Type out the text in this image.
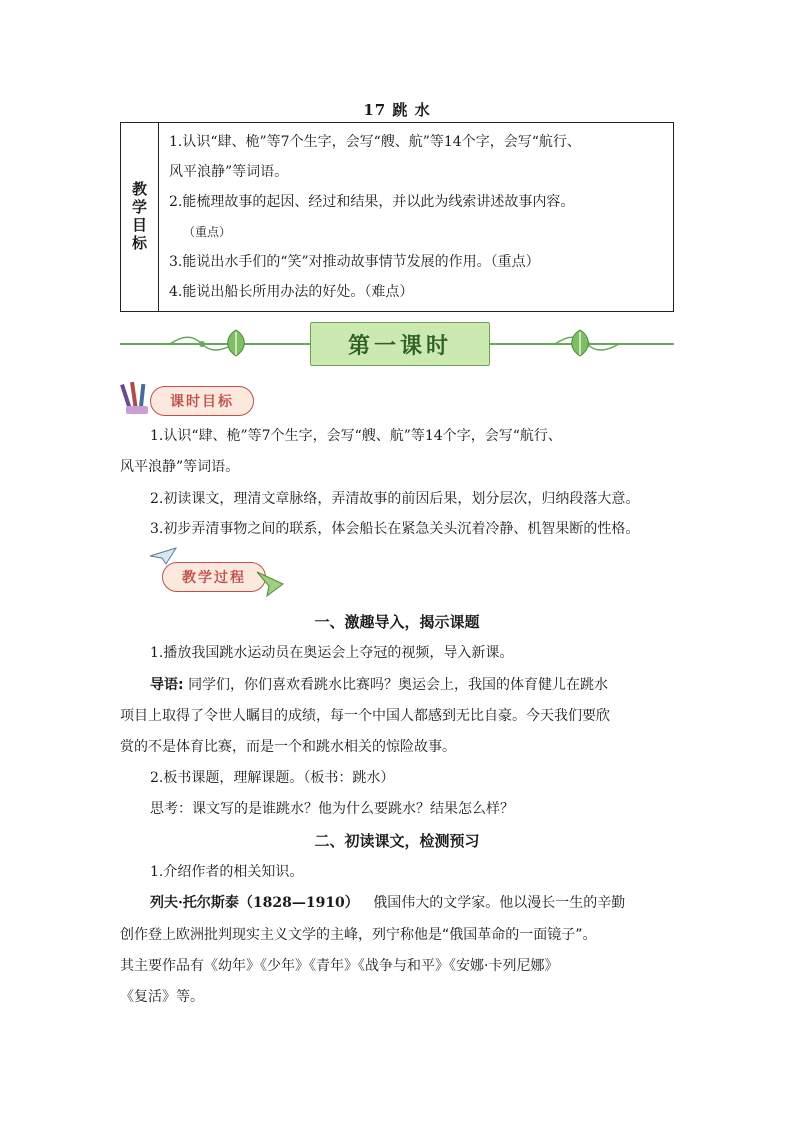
17 跳 水
教学目标
1.认识“肆、桅”等7个生字，会写“艘、航”等14个字，会写“航行、
风平浪静”等词语。
2.能梳理故事的起因、经过和结果，并以此为线索讲述故事内容。
（重点）
3.能说出水手们的“笑”对推动故事情节发展的作用。（重点）
4.能说出船长所用办法的好处。（难点）
第一课时
课时目标
1.认识“肆、桅”等7个生字，会写“艘、航”等14个字，会写“航行、
风平浪静”等词语。
2.初读课文，理清文章脉络，弄清故事的前因后果，划分层次，归纳段落大意。
3.初步弄清事物之间的联系，体会船长在紧急关头沉着冷静、机智果断的性格。
教学过程
一、激趣导入，揭示课题
1.播放我国跳水运动员在奥运会上夺冠的视频，导入新课。
导语: 同学们，你们喜欢看跳水比赛吗？奥运会上，我国的体育健儿在跳水
项目上取得了令世人瞩目的成绩，每一个中国人都感到无比自豪。今天我们要欣
赏的不是体育比赛，而是一个和跳水相关的惊险故事。
2.板书课题，理解课题。（板书：跳水）
思考：课文写的是谁跳水？他为什么要跳水？结果怎么样？
二、初读课文，检测预习
1.介绍作者的相关知识。
列夫·托尔斯泰（1828—1910） 俄国伟大的文学家。他以漫长一生的辛勤
创作登上欧洲批判现实主义文学的主峰，列宁称他是“俄国革命的一面镜子”。
其主要作品有《幼年》《少年》《青年》《战争与和平》《安娜·卡列尼娜》
《复活》等。
